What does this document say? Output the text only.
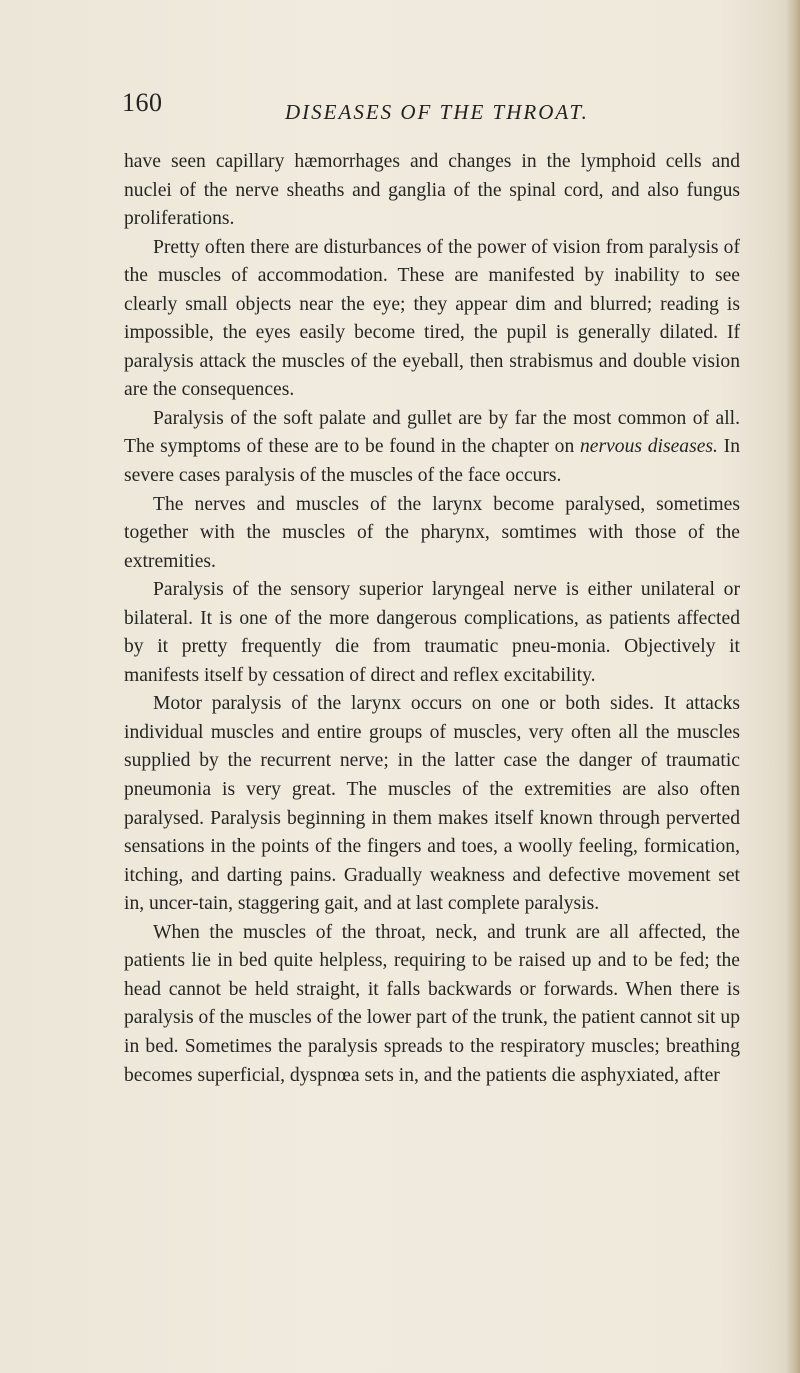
160	DISEASES OF THE THROAT.

have seen capillary hæmorrhages and changes in the lymphoid cells and nuclei of the nerve sheaths and ganglia of the spinal cord, and also fungus proliferations.

Pretty often there are disturbances of the power of vision from paralysis of the muscles of accommodation. These are manifested by inability to see clearly small objects near the eye; they appear dim and blurred; reading is impossible, the eyes easily become tired, the pupil is generally dilated. If paralysis attack the muscles of the eyeball, then strabismus and double vision are the consequences.

Paralysis of the soft palate and gullet are by far the most common of all. The symptoms of these are to be found in the chapter on nervous diseases. In severe cases paralysis of the muscles of the face occurs.

The nerves and muscles of the larynx become paralysed, sometimes together with the muscles of the pharynx, somtimes with those of the extremities.

Paralysis of the sensory superior laryngeal nerve is either unilateral or bilateral. It is one of the more dangerous complications, as patients affected by it pretty frequently die from traumatic pneu-monia. Objectively it manifests itself by cessation of direct and reflex excitability.

Motor paralysis of the larynx occurs on one or both sides. It attacks individual muscles and entire groups of muscles, very often all the muscles supplied by the recurrent nerve; in the latter case the danger of traumatic pneumonia is very great. The muscles of the extremities are also often paralysed. Paralysis beginning in them makes itself known through perverted sensations in the points of the fingers and toes, a woolly feeling, formication, itching, and darting pains. Gradually weakness and defective movement set in, uncer-tain, staggering gait, and at last complete paralysis.

When the muscles of the throat, neck, and trunk are all affected, the patients lie in bed quite helpless, requiring to be raised up and to be fed; the head cannot be held straight, it falls backwards or forwards. When there is paralysis of the muscles of the lower part of the trunk, the patient cannot sit up in bed. Sometimes the paralysis spreads to the respiratory muscles; breathing becomes superficial, dyspnœa sets in, and the patients die asphyxiated, after
